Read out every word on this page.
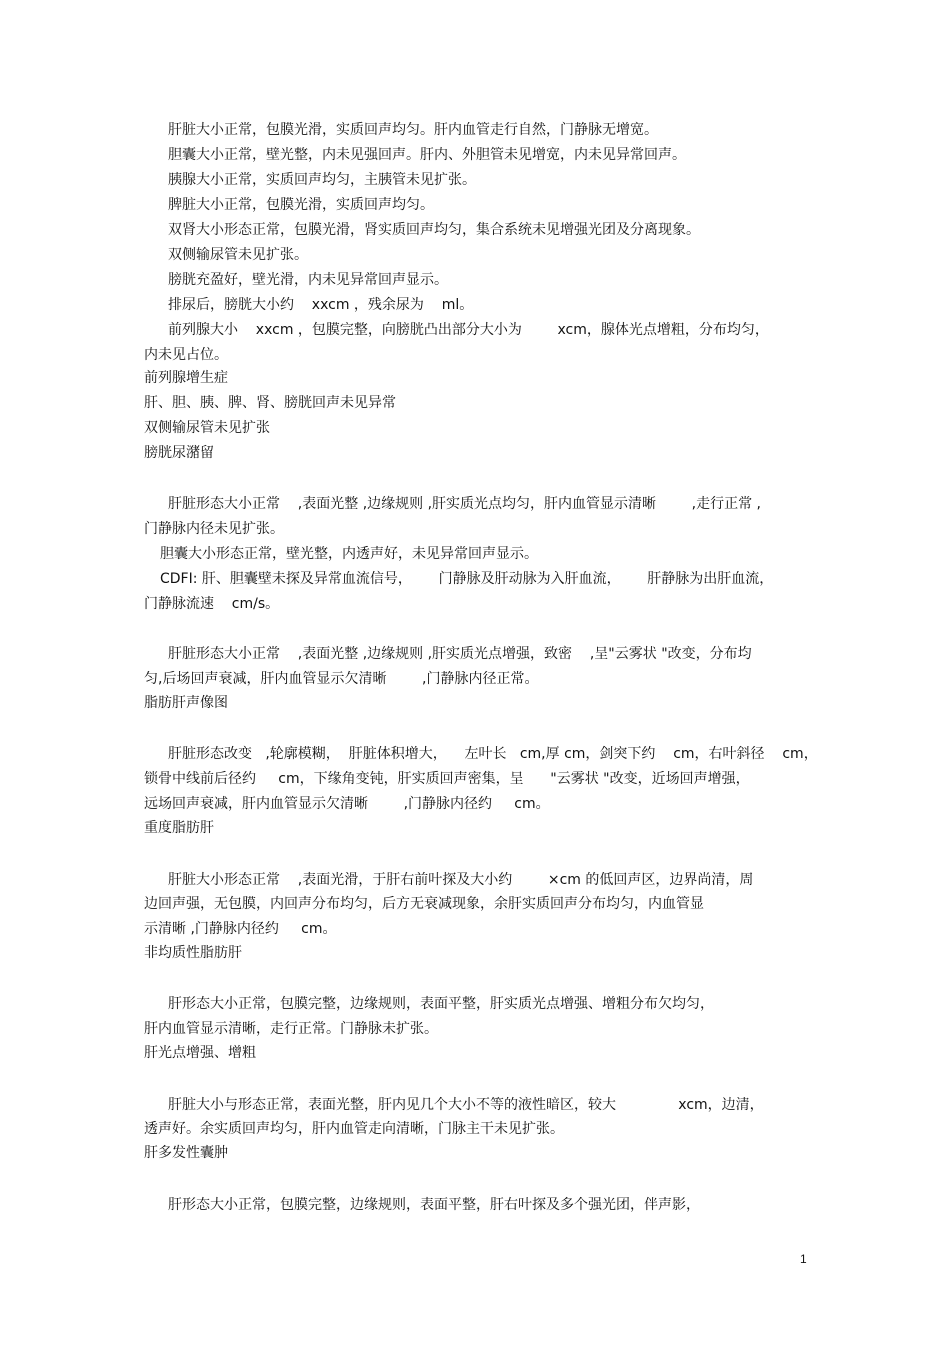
肝脏大小正常，包膜光滑，实质回声均匀。肝内血管走行自然，门静脉无增宽。
胆囊大小正常，壁光整，内未见强回声。肝内、外胆管未见增宽，内未见异常回声。
胰腺大小正常，实质回声均匀，主胰管未见扩张。
脾脏大小正常，包膜光滑，实质回声均匀。
双肾大小形态正常，包膜光滑，肾实质回声均匀，集合系统未见增强光团及分离现象。
双侧输尿管未见扩张。
膀胱充盈好，壁光滑，内未见异常回声显示。
排尿后，膀胱大小约    xxcm ，残余尿为    ml。
前列腺大小    xxcm ，包膜完整，向膀胱凸出部分大小为        xcm，腺体光点增粗，分布均匀，
内未见占位。
前列腺增生症
肝、胆、胰、脾、肾、膀胱回声未见异常
双侧输尿管未见扩张
膀胱尿潴留
肝脏形态大小正常    ,表面光整 ,边缘规则 ,肝实质光点均匀，肝内血管显示清晰        ,走行正常 ,
门静脉内径未见扩张。
胆囊大小形态正常，壁光整，内透声好，未见异常回声显示。
CDFI: 肝、胆囊壁未探及异常血流信号，      门静脉及肝动脉为入肝血流，      肝静脉为出肝血流，
门静脉流速    cm/s。
肝脏形态大小正常    ,表面光整 ,边缘规则 ,肝实质光点增强，致密    ,呈"云雾状 "改变，分布均
匀,后场回声衰减，肝内血管显示欠清晰        ,门静脉内径正常。
脂肪肝声像图
肝脏形态改变   ,轮廓模糊，  肝脏体积增大，    左叶长   cm,厚 cm，剑突下约    cm，右叶斜径    cm，
锁骨中线前后径约     cm，下缘角变钝，肝实质回声密集，呈      "云雾状 "改变，近场回声增强，
远场回声衰减，肝内血管显示欠清晰        ,门静脉内径约     cm。
重度脂肪肝
肝脏大小形态正常    ,表面光滑，于肝右前叶探及大小约        ×cm 的低回声区，边界尚清，周
边回声强，无包膜，内回声分布均匀，后方无衰减现象，余肝实质回声分布均匀，内血管显
示清晰 ,门静脉内径约     cm。
非均质性脂肪肝
肝形态大小正常，包膜完整，边缘规则，表面平整，肝实质光点增强、增粗分布欠均匀，
肝内血管显示清晰，走行正常。门静脉未扩张。
肝光点增强、增粗
肝脏大小与形态正常，表面光整，肝内见几个大小不等的液性暗区，较大              xcm，边清，
透声好。余实质回声均匀，肝内血管走向清晰，门脉主干未见扩张。
肝多发性囊肿
肝形态大小正常，包膜完整，边缘规则，表面平整，肝右叶探及多个强光团，伴声影，
1
